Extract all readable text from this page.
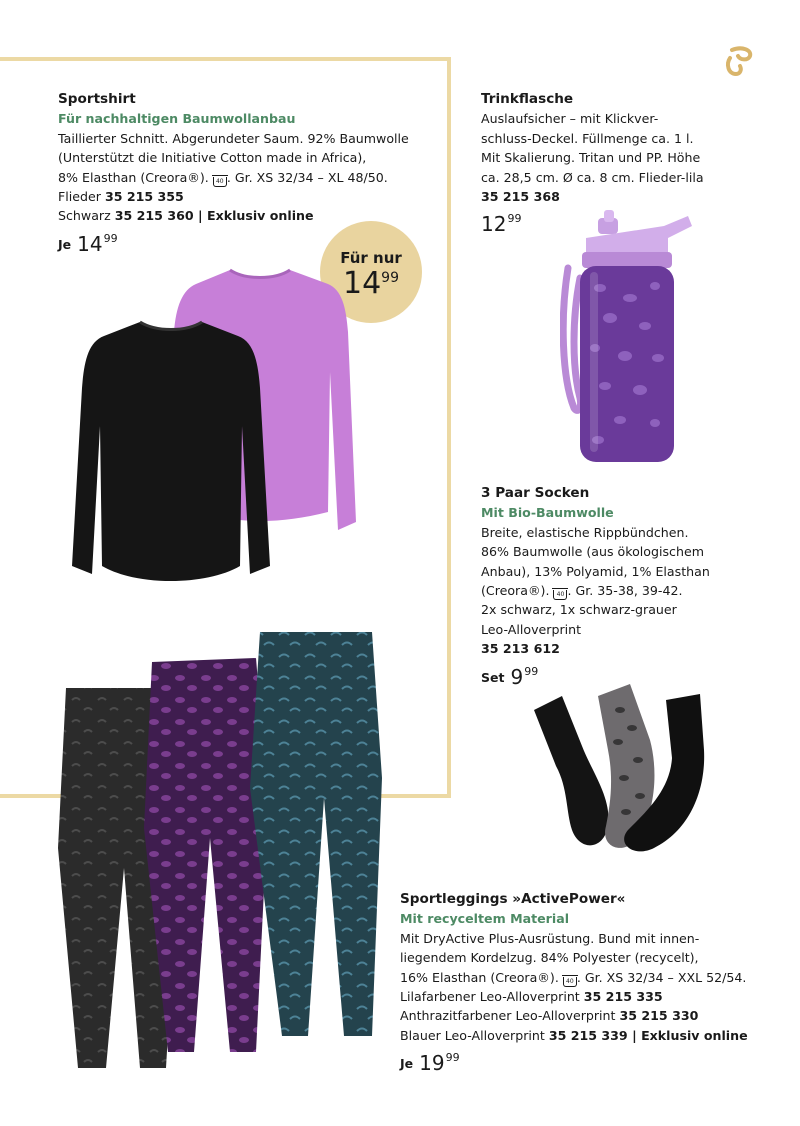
Sportshirt
Für nachhaltigen Baumwollanbau
Taillierter Schnitt. Abgerundeter Saum. 92% Baumwolle
(Unterstützt die Initiative Cotton made in Africa),
8% Elasthan (Creora®). 40 . Gr. XS 32/34 – XL 48/50.
Flieder 35 215 355
Schwarz 35 215 360 | Exklusiv online
Je 14 99
Für nur
1499
Trinkflasche
Auslaufsicher – mit Klickver-
schluss-Deckel. Füllmenge ca. 1 l.
Mit Skalierung. Tritan und PP. Höhe
ca. 28,5 cm. Ø ca. 8 cm. Flieder-lila
35 215 368
12 99
3 Paar Socken
Mit Bio-Baumwolle
Breite, elastische Rippbündchen.
86% Baumwolle (aus ökologischem
Anbau), 13% Polyamid, 1% Elasthan
(Creora®). 40 . Gr. 35-38, 39-42.
2x schwarz, 1x schwarz-grauer
Leo-Alloverprint
35 213 612
Set 9 99
Sportleggings »ActivePower«
Mit recyceltem Material
Mit DryActive Plus-Ausrüstung. Bund mit innen-
liegendem Kordelzug. 84% Polyester (recycelt),
16% Elasthan (Creora®). 40 . Gr. XS 32/34 – XXL 52/54.
Lilafarbener Leo-Alloverprint 35 215 335
Anthrazitfarbener Leo-Alloverprint 35 215 330
Blauer Leo-Alloverprint 35 215 339 | Exklusiv online
Je 19 99
